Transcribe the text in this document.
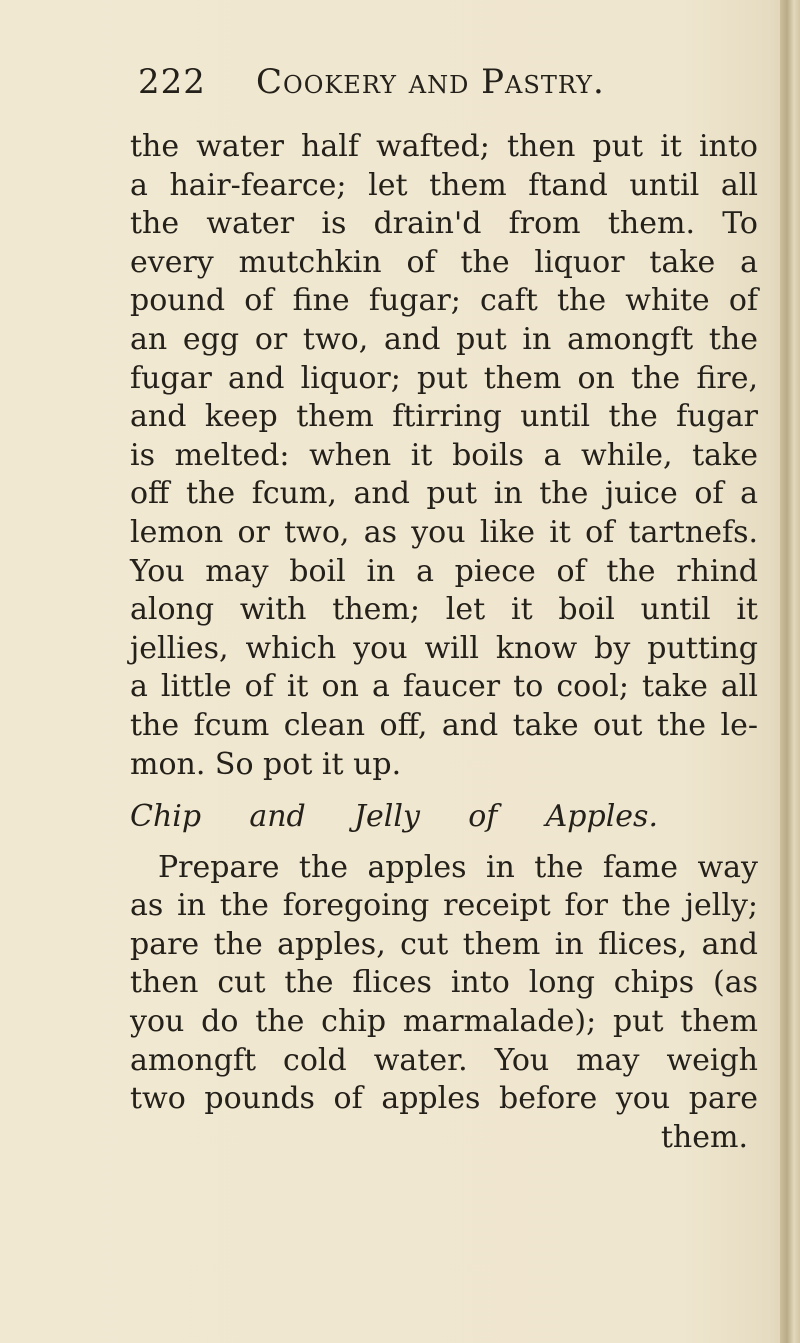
222 Cookery and Pastry.
the water half wafted; then put it into
a hair-fearce; let them ftand until all
the water is drain'd from them. To
every mutchkin of the liquor take a
pound of fine fugar; caft the white of
an egg or two, and put in amongft the
fugar and liquor; put them on the fire,
and keep them ftirring until the fugar
is melted: when it boils a while, take
off the fcum, and put in the juice of a
lemon or two, as you like it of tartnefs.
You may boil in a piece of the rhind
along with them; let it boil until it
jellies, which you will know by putting
a little of it on a faucer to cool; take all
the fcum clean off, and take out the le-
mon. So pot it up.
Chip and Jelly of Apples.
Prepare the apples in the fame way
as in the foregoing receipt for the jelly;
pare the apples, cut them in flices, and
then cut the flices into long chips (as
you do the chip marmalade); put them
amongft cold water. You may weigh
two pounds of apples before you pare
them.
